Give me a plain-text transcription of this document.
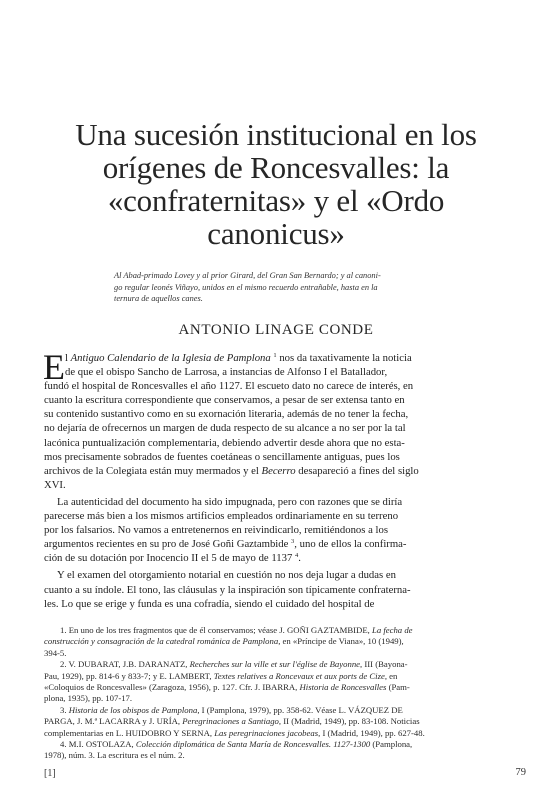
Una sucesión institucional en los
orígenes de Roncesvalles: la
«confraternitas» y el «Ordo
canonicus»
Al Abad-primado Lovey y al prior Girard, del Gran San Bernardo; y al canoni-
go regular leonés Viñayo, unidos en el mismo recuerdo entrañable, hasta en la
ternura de aquellos canes.
ANTONIO LINAGE CONDE
E l Antiguo Calendario de la Iglesia de Pamplona $^1$ nos da taxativamente la noticia
de que el obispo Sancho de Larrosa, a instancias de Alfonso I el Batallador,
fundó el hospital de Roncesvalles el año 1127. El escueto dato no carece de interés, en
cuanto la escritura correspondiente que conservamos, a pesar de ser extensa tanto en
su contenido sustantivo como en su exornación literaria, además de no tener la fecha,
no dejaría de ofrecernos un margen de duda respecto de su alcance a no ser por la tal
lacónica puntualización complementaria, debiendo advertir desde ahora que no esta-
mos precisamente sobrados de fuentes coetáneas o sencillamente antiguas, pues los
archivos de la Colegiata están muy mermados y el Becerro desapareció a fines del siglo
XVI.
La autenticidad del documento ha sido impugnada, pero con razones que se diría
parecerse más bien a los mismos artificios empleados ordinariamente en su terreno
por los falsarios. No vamos a entretenernos en reivindicarlo, remitiéndonos a los
argumentos recientes en su pro de José Goñi Gaztambide $^3$, uno de ellos la confirma-
ción de su dotación por Inocencio II el 5 de mayo de 1137 $^4$.
Y el examen del otorgamiento notarial en cuestión no nos deja lugar a dudas en
cuanto a su índole. El tono, las cláusulas y la inspiración son típicamente confraterna-
les. Lo que se erige y funda es una cofradía, siendo el cuidado del hospital de
1. En uno de los tres fragmentos que de él conservamos; véase J. GOÑI GAZTAMBIDE, La fecha de
construcción y consagración de la catedral románica de Pamplona, en «Príncipe de Viana», 10 (1949),
394-5.
2. V. DUBARAT, J.B. DARANATZ, Recherches sur la ville et sur l'église de Bayonne, III (Bayona-
Pau, 1929), pp. 814-6 y 833-7; y E. LAMBERT, Textes relatives a Roncevaux et aux ports de Cize, en
«Coloquios de Roncesvalles» (Zaragoza, 1956), p. 127. Cfr. J. IBARRA, Historia de Roncesvalles (Pam-
plona, 1935), pp. 107-17.
3. Historia de los obispos de Pamplona, I (Pamplona, 1979), pp. 358-62. Véase L. VÁZQUEZ DE
PARGA, J. M.ª LACARRA y J. URÍA, Peregrinaciones a Santiago, II (Madrid, 1949), pp. 83-108. Noticias
complementarias en L. HUIDOBRO Y SERNA, Las peregrinaciones jacobeas, I (Madrid, 1949), pp. 627-48.
4. M.I. OSTOLAZA, Colección diplomática de Santa María de Roncesvalles. 1127-1300 (Pamplona,
1978), núm. 3. La escritura es el núm. 2.
[1]	79
